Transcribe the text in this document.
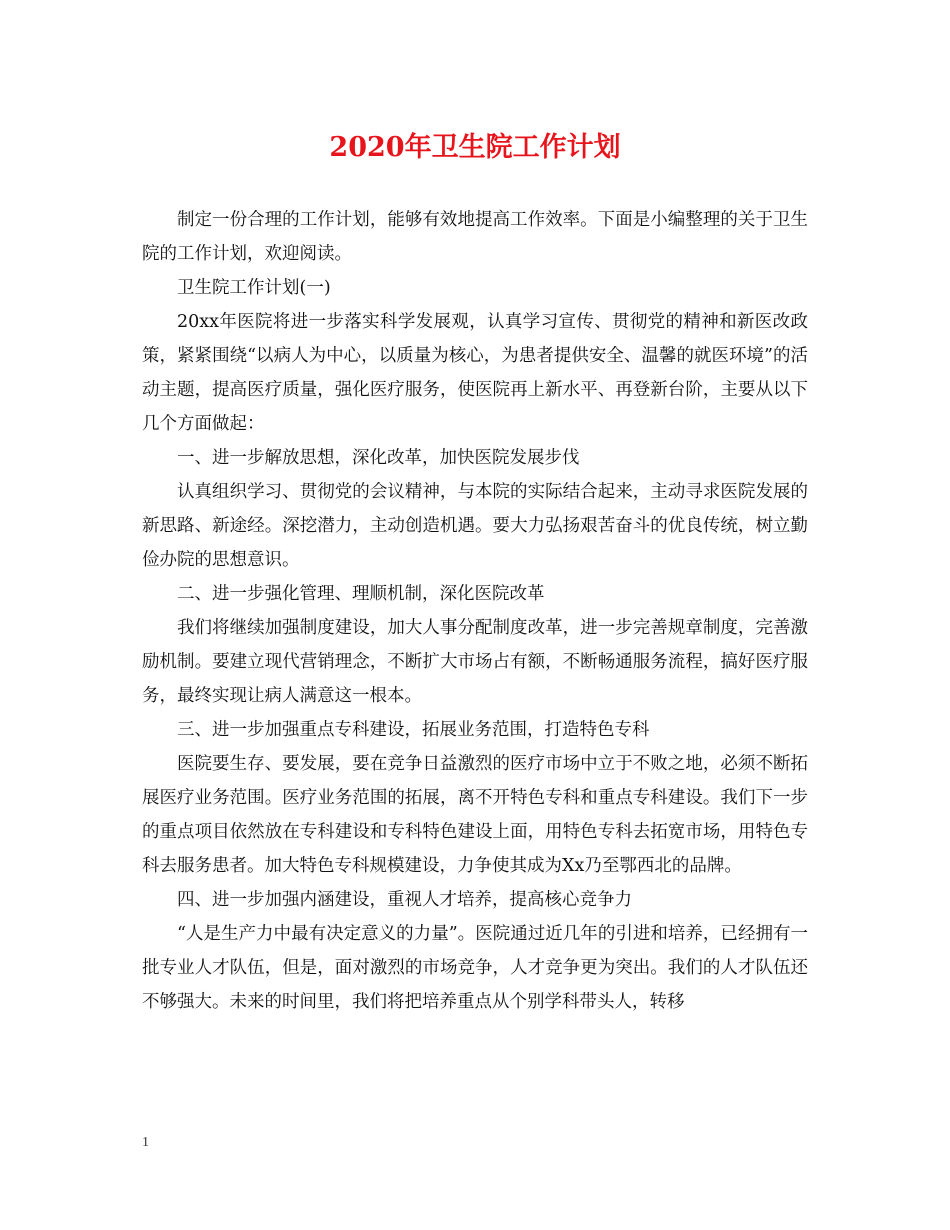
2020年卫生院工作计划

制定一份合理的工作计划，能够有效地提高工作效率。下面是小编整理的关于卫生院的工作计划，欢迎阅读。

卫生院工作计划(一)

20xx年医院将进一步落实科学发展观，认真学习宣传、贯彻党的精神和新医改政策，紧紧围绕“以病人为中心，以质量为核心，为患者提供安全、温馨的就医环境”的活动主题，提高医疗质量，强化医疗服务，使医院再上新水平、再登新台阶，主要从以下几个方面做起：

一、进一步解放思想，深化改革，加快医院发展步伐

认真组织学习、贯彻党的会议精神，与本院的实际结合起来，主动寻求医院发展的新思路、新途经。深挖潜力，主动创造机遇。要大力弘扬艰苦奋斗的优良传统，树立勤俭办院的思想意识。

二、进一步强化管理、理顺机制，深化医院改革

我们将继续加强制度建设，加大人事分配制度改革，进一步完善规章制度，完善激励机制。要建立现代营销理念，不断扩大市场占有额，不断畅通服务流程，搞好医疗服务，最终实现让病人满意这一根本。

三、进一步加强重点专科建设，拓展业务范围，打造特色专科

医院要生存、要发展，要在竞争日益激烈的医疗市场中立于不败之地，必须不断拓展医疗业务范围。医疗业务范围的拓展，离不开特色专科和重点专科建设。我们下一步的重点项目依然放在专科建设和专科特色建设上面，用特色专科去拓宽市场，用特色专科去服务患者。加大特色专科规模建设，力争使其成为Xx乃至鄂西北的品牌。

四、进一步加强内涵建设，重视人才培养，提高核心竞争力

“人是生产力中最有决定意义的力量”。医院通过近几年的引进和培养，已经拥有一批专业人才队伍，但是，面对激烈的市场竞争，人才竞争更为突出。我们的人才队伍还不够强大。未来的时间里，我们将把培养重点从个别学科带头人，转移

1
